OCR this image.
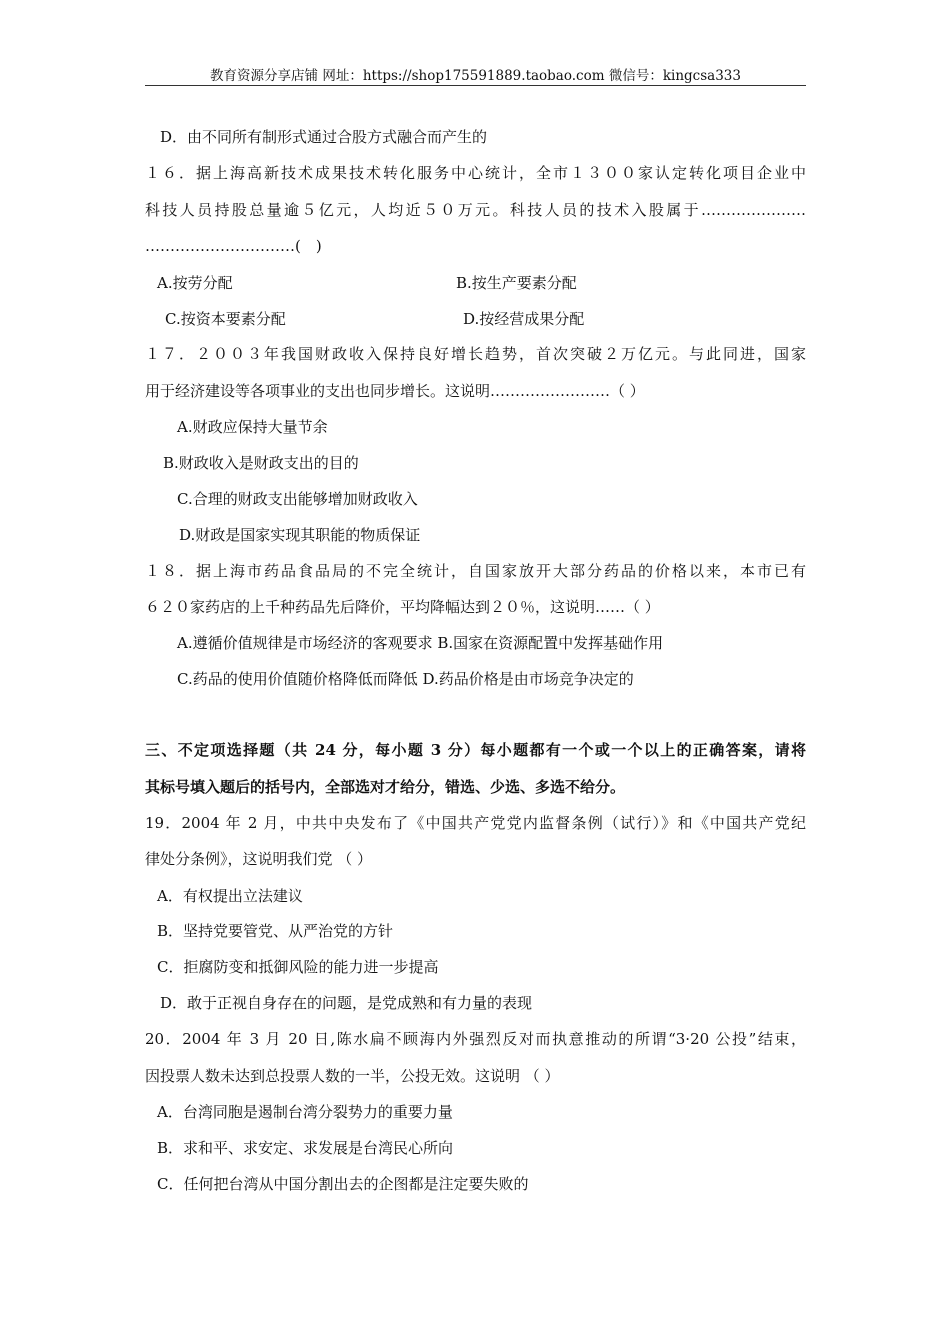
教育资源分享店铺 网址：https://shop175591889.taobao.com 微信号：kingcsa333
D．由不同所有制形式通过合股方式融合而产生的
１６．据上海高新技术成果技术转化服务中心统计，全市１３００家认定转化项目企业中
科技人员持股总量逾５亿元，人均近５０万元。科技人员的技术入股属于…………………
…………………………(　)
A.按劳分配	B.按生产要素分配
C.按资本要素分配	D.按经营成果分配
１７．２００３年我国财政收入保持良好增长趋势，首次突破２万亿元。与此同进，国家
用于经济建设等各项事业的支出也同步增长。这说明……………………（ ）
A.财政应保持大量节余
B.财政收入是财政支出的目的
C.合理的财政支出能够增加财政收入
D.财政是国家实现其职能的物质保证
１８．据上海市药品食品局的不完全统计，自国家放开大部分药品的价格以来，本市已有
６２０家药店的上千种药品先后降价，平均降幅达到２０％，这说明……（ ）
A.遵循价值规律是市场经济的客观要求 B.国家在资源配置中发挥基础作用
C.药品的使用价值随价格降低而降低 D.药品价格是由市场竞争决定的
三、不定项选择题（共 24 分，每小题 3 分）每小题都有一个或一个以上的正确答案，请将
其标号填入题后的括号内，全部选对才给分，错选、少选、多选不给分。
19．2004 年 2 月，中共中央发布了《中国共产党党内监督条例（试行）》和《中国共产党纪
律处分条例》，这说明我们党 （ ）
A．有权提出立法建议
B．坚持党要管党、从严治党的方针
C．拒腐防变和抵御风险的能力进一步提高
D．敢于正视自身存在的问题，是党成熟和有力量的表现
20．2004 年 3 月 20 日,陈水扁不顾海内外强烈反对而执意推动的所谓“3·20 公投”结束，
因投票人数未达到总投票人数的一半，公投无效。这说明 （ ）
A．台湾同胞是遏制台湾分裂势力的重要力量
B．求和平、求安定、求发展是台湾民心所向
C．任何把台湾从中国分割出去的企图都是注定要失败的
